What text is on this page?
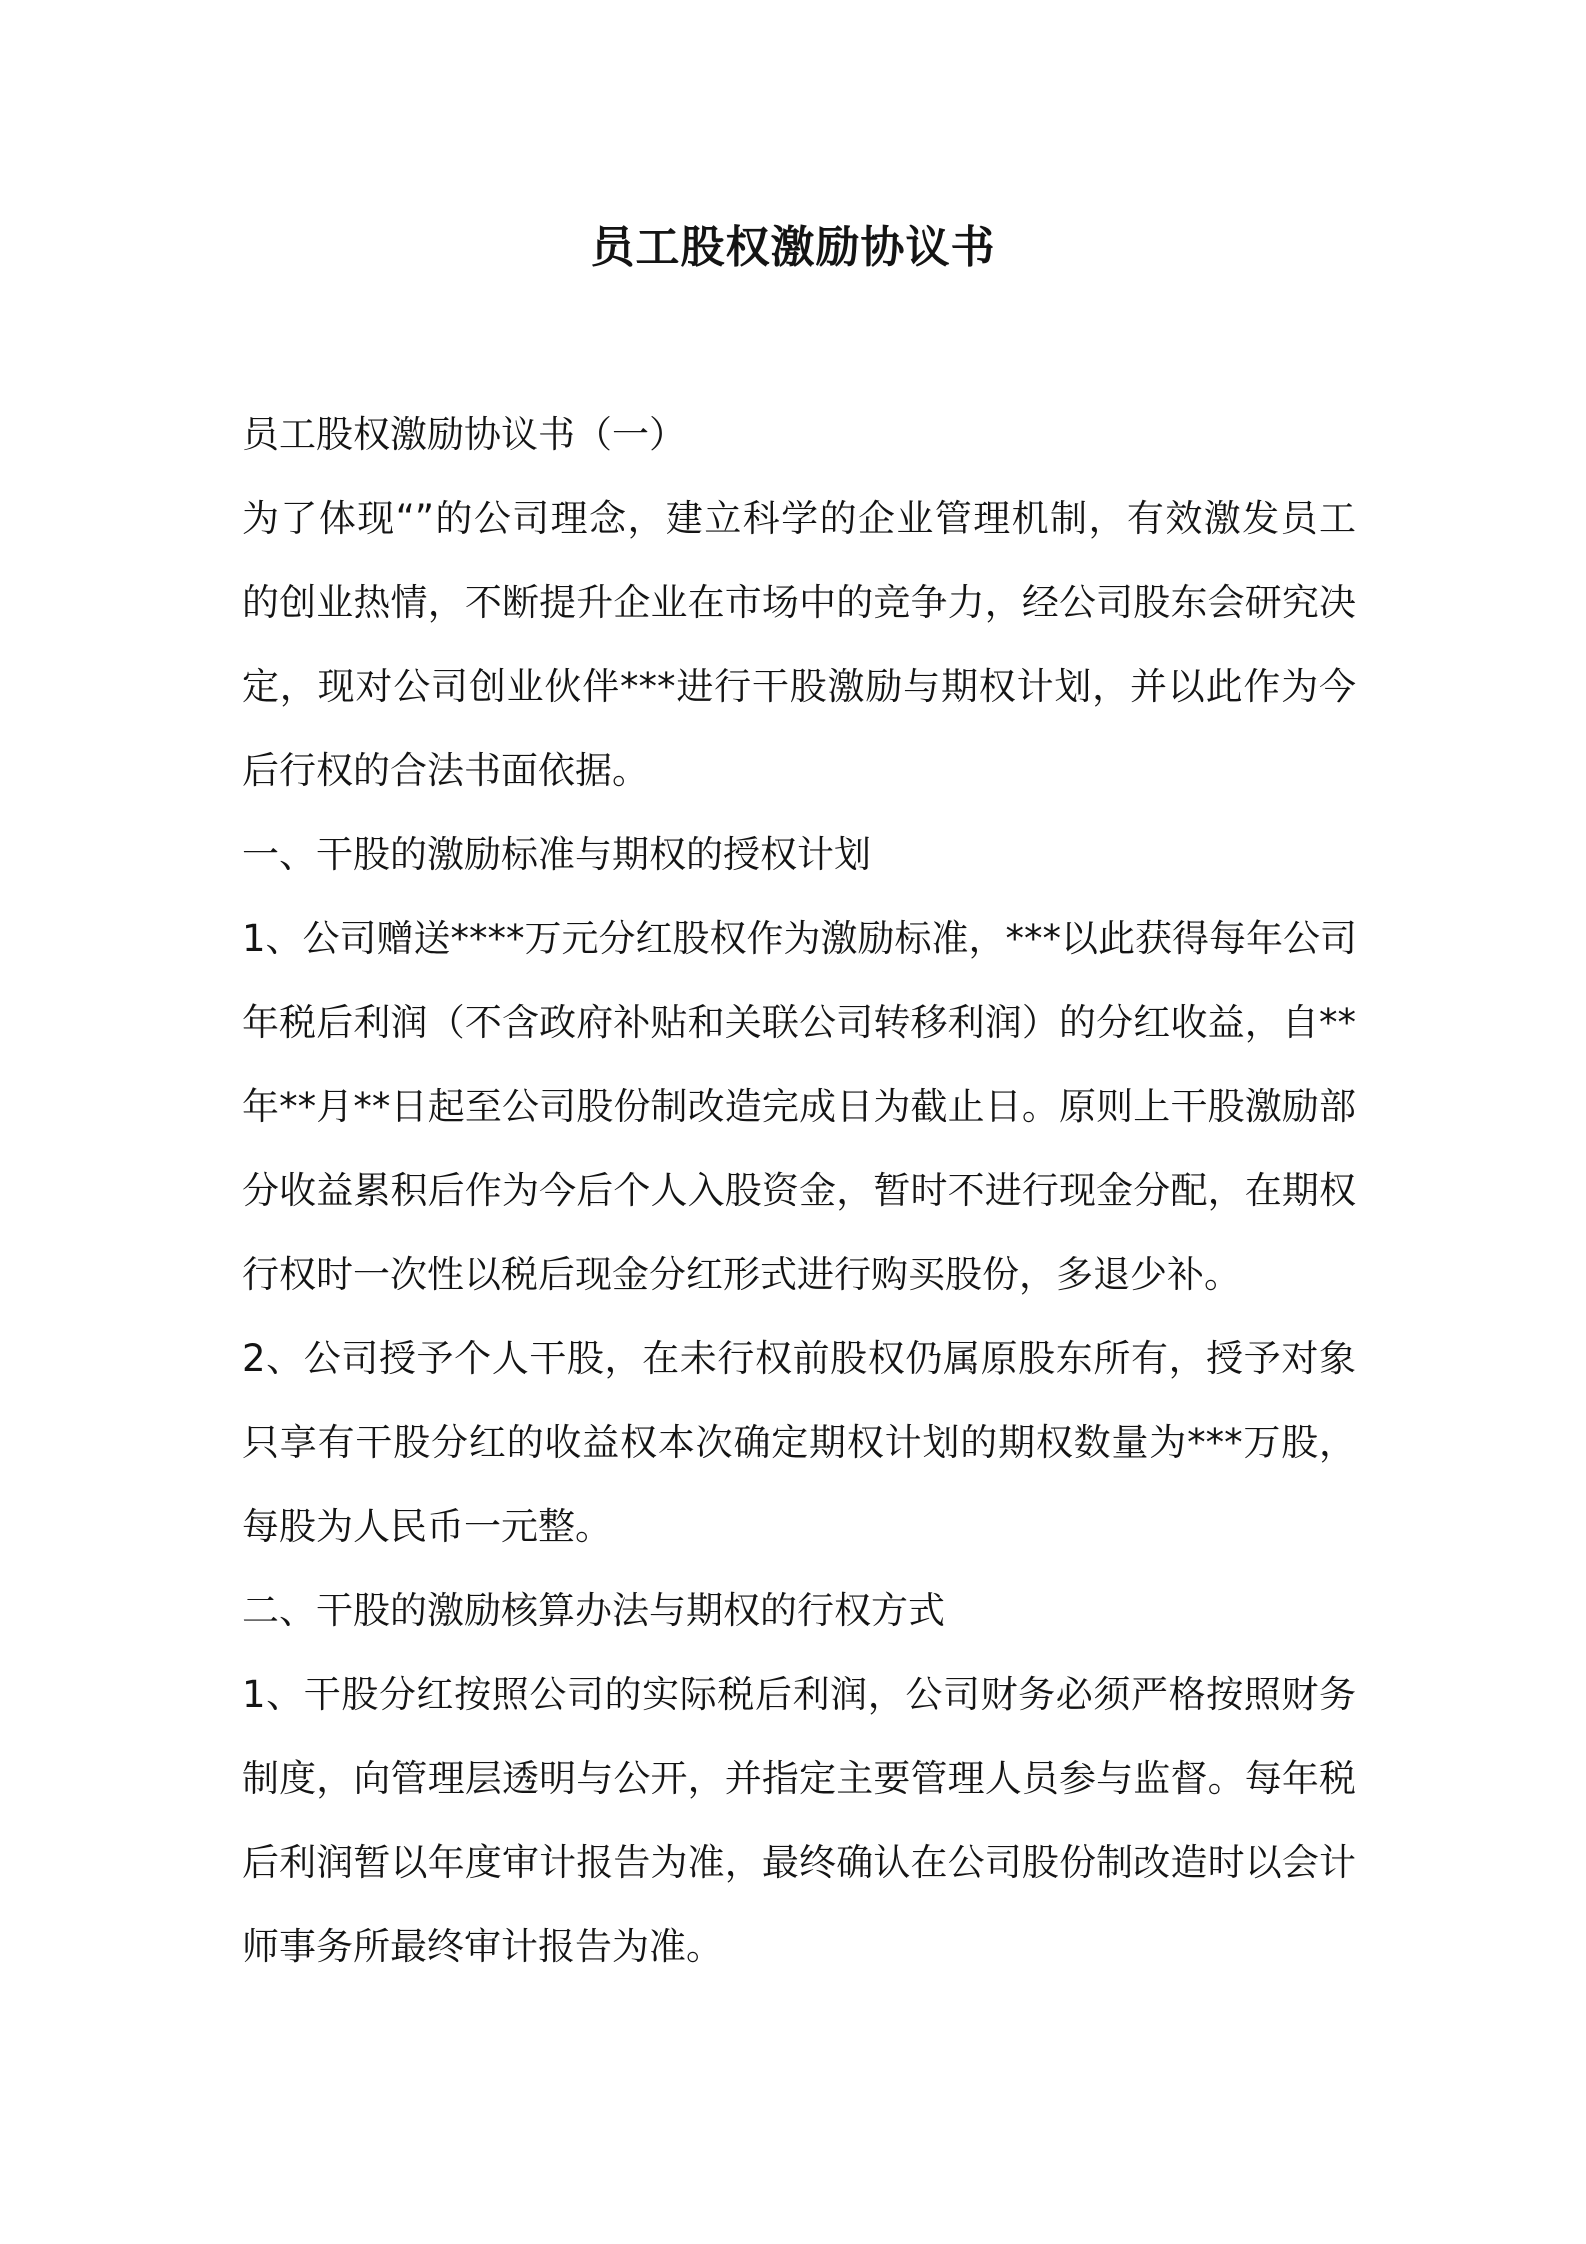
员工股权激励协议书
员工股权激励协议书（一）
为了体现“”的公司理念，建立科学的企业管理机制，有效激发员工
的创业热情，不断提升企业在市场中的竞争力，经公司股东会研究决
定，现对公司创业伙伴***进行干股激励与期权计划，并以此作为今
后行权的合法书面依据。
一、干股的激励标准与期权的授权计划
1、公司赠送****万元分红股权作为激励标准，***以此获得每年公司
年税后利润（不含政府补贴和关联公司转移利润）的分红收益，自**
年**月**日起至公司股份制改造完成日为截止日。原则上干股激励部
分收益累积后作为今后个人入股资金，暂时不进行现金分配，在期权
行权时一次性以税后现金分红形式进行购买股份，多退少补。
2、公司授予个人干股，在未行权前股权仍属原股东所有，授予对象
只享有干股分红的收益权本次确定期权计划的期权数量为***万股，
每股为人民币一元整。
二、干股的激励核算办法与期权的行权方式
1、干股分红按照公司的实际税后利润，公司财务必须严格按照财务
制度，向管理层透明与公开，并指定主要管理人员参与监督。每年税
后利润暂以年度审计报告为准，最终确认在公司股份制改造时以会计
师事务所最终审计报告为准。
